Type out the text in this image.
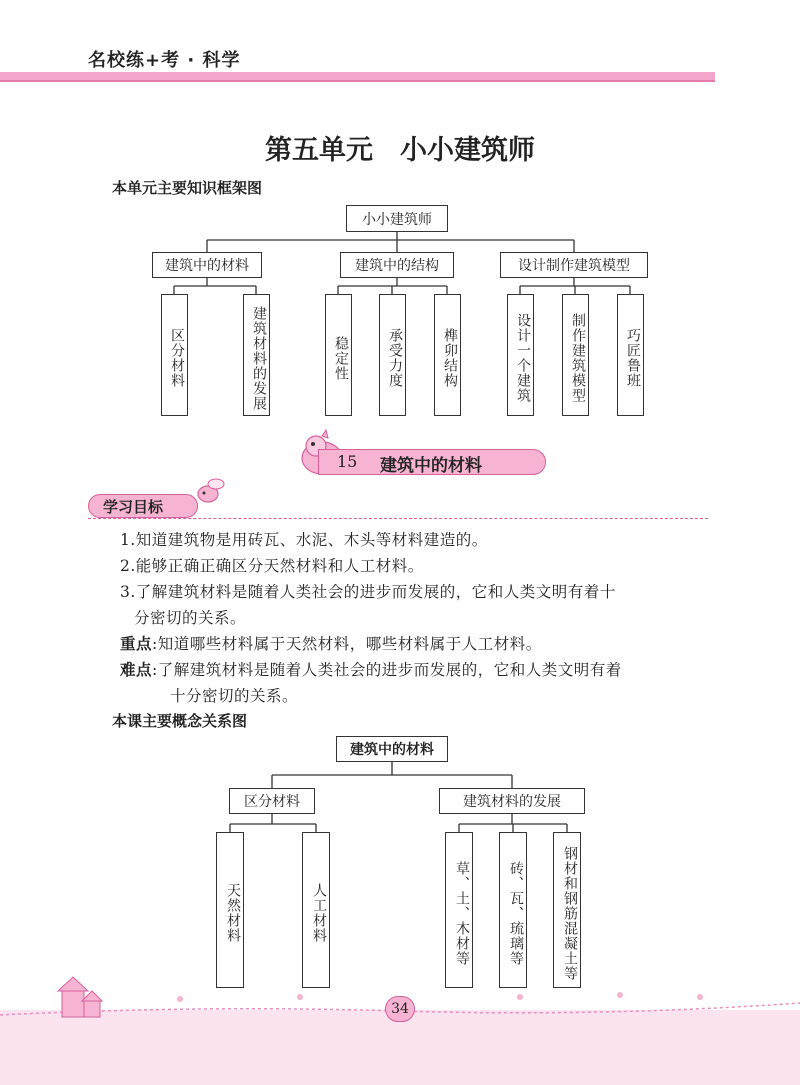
名校练+考 · 科学
第五单元　小小建筑师
本单元主要知识框架图
小小建筑师
建筑中的材料	建筑中的结构	设计制作建筑模型
区分材料	建筑材料的发展	稳定性	承受力度	榫卯结构	设计一个建筑	制作建筑模型	巧匠鲁班
15 建筑中的材料
学习目标
1.知道建筑物是用砖瓦、水泥、木头等材料建造的。
2.能够正确正确区分天然材料和人工材料。
3.了解建筑材料是随着人类社会的进步而发展的，它和人类文明有着十
分密切的关系。
重点:知道哪些材料属于天然材料，哪些材料属于人工材料。
难点:了解建筑材料是随着人类社会的进步而发展的，它和人类文明有着
十分密切的关系。
本课主要概念关系图
建筑中的材料
区分材料	建筑材料的发展
天然材料	人工材料	草、土、木材等	砖、瓦、琉璃等	钢材和钢筋混凝土等
34
